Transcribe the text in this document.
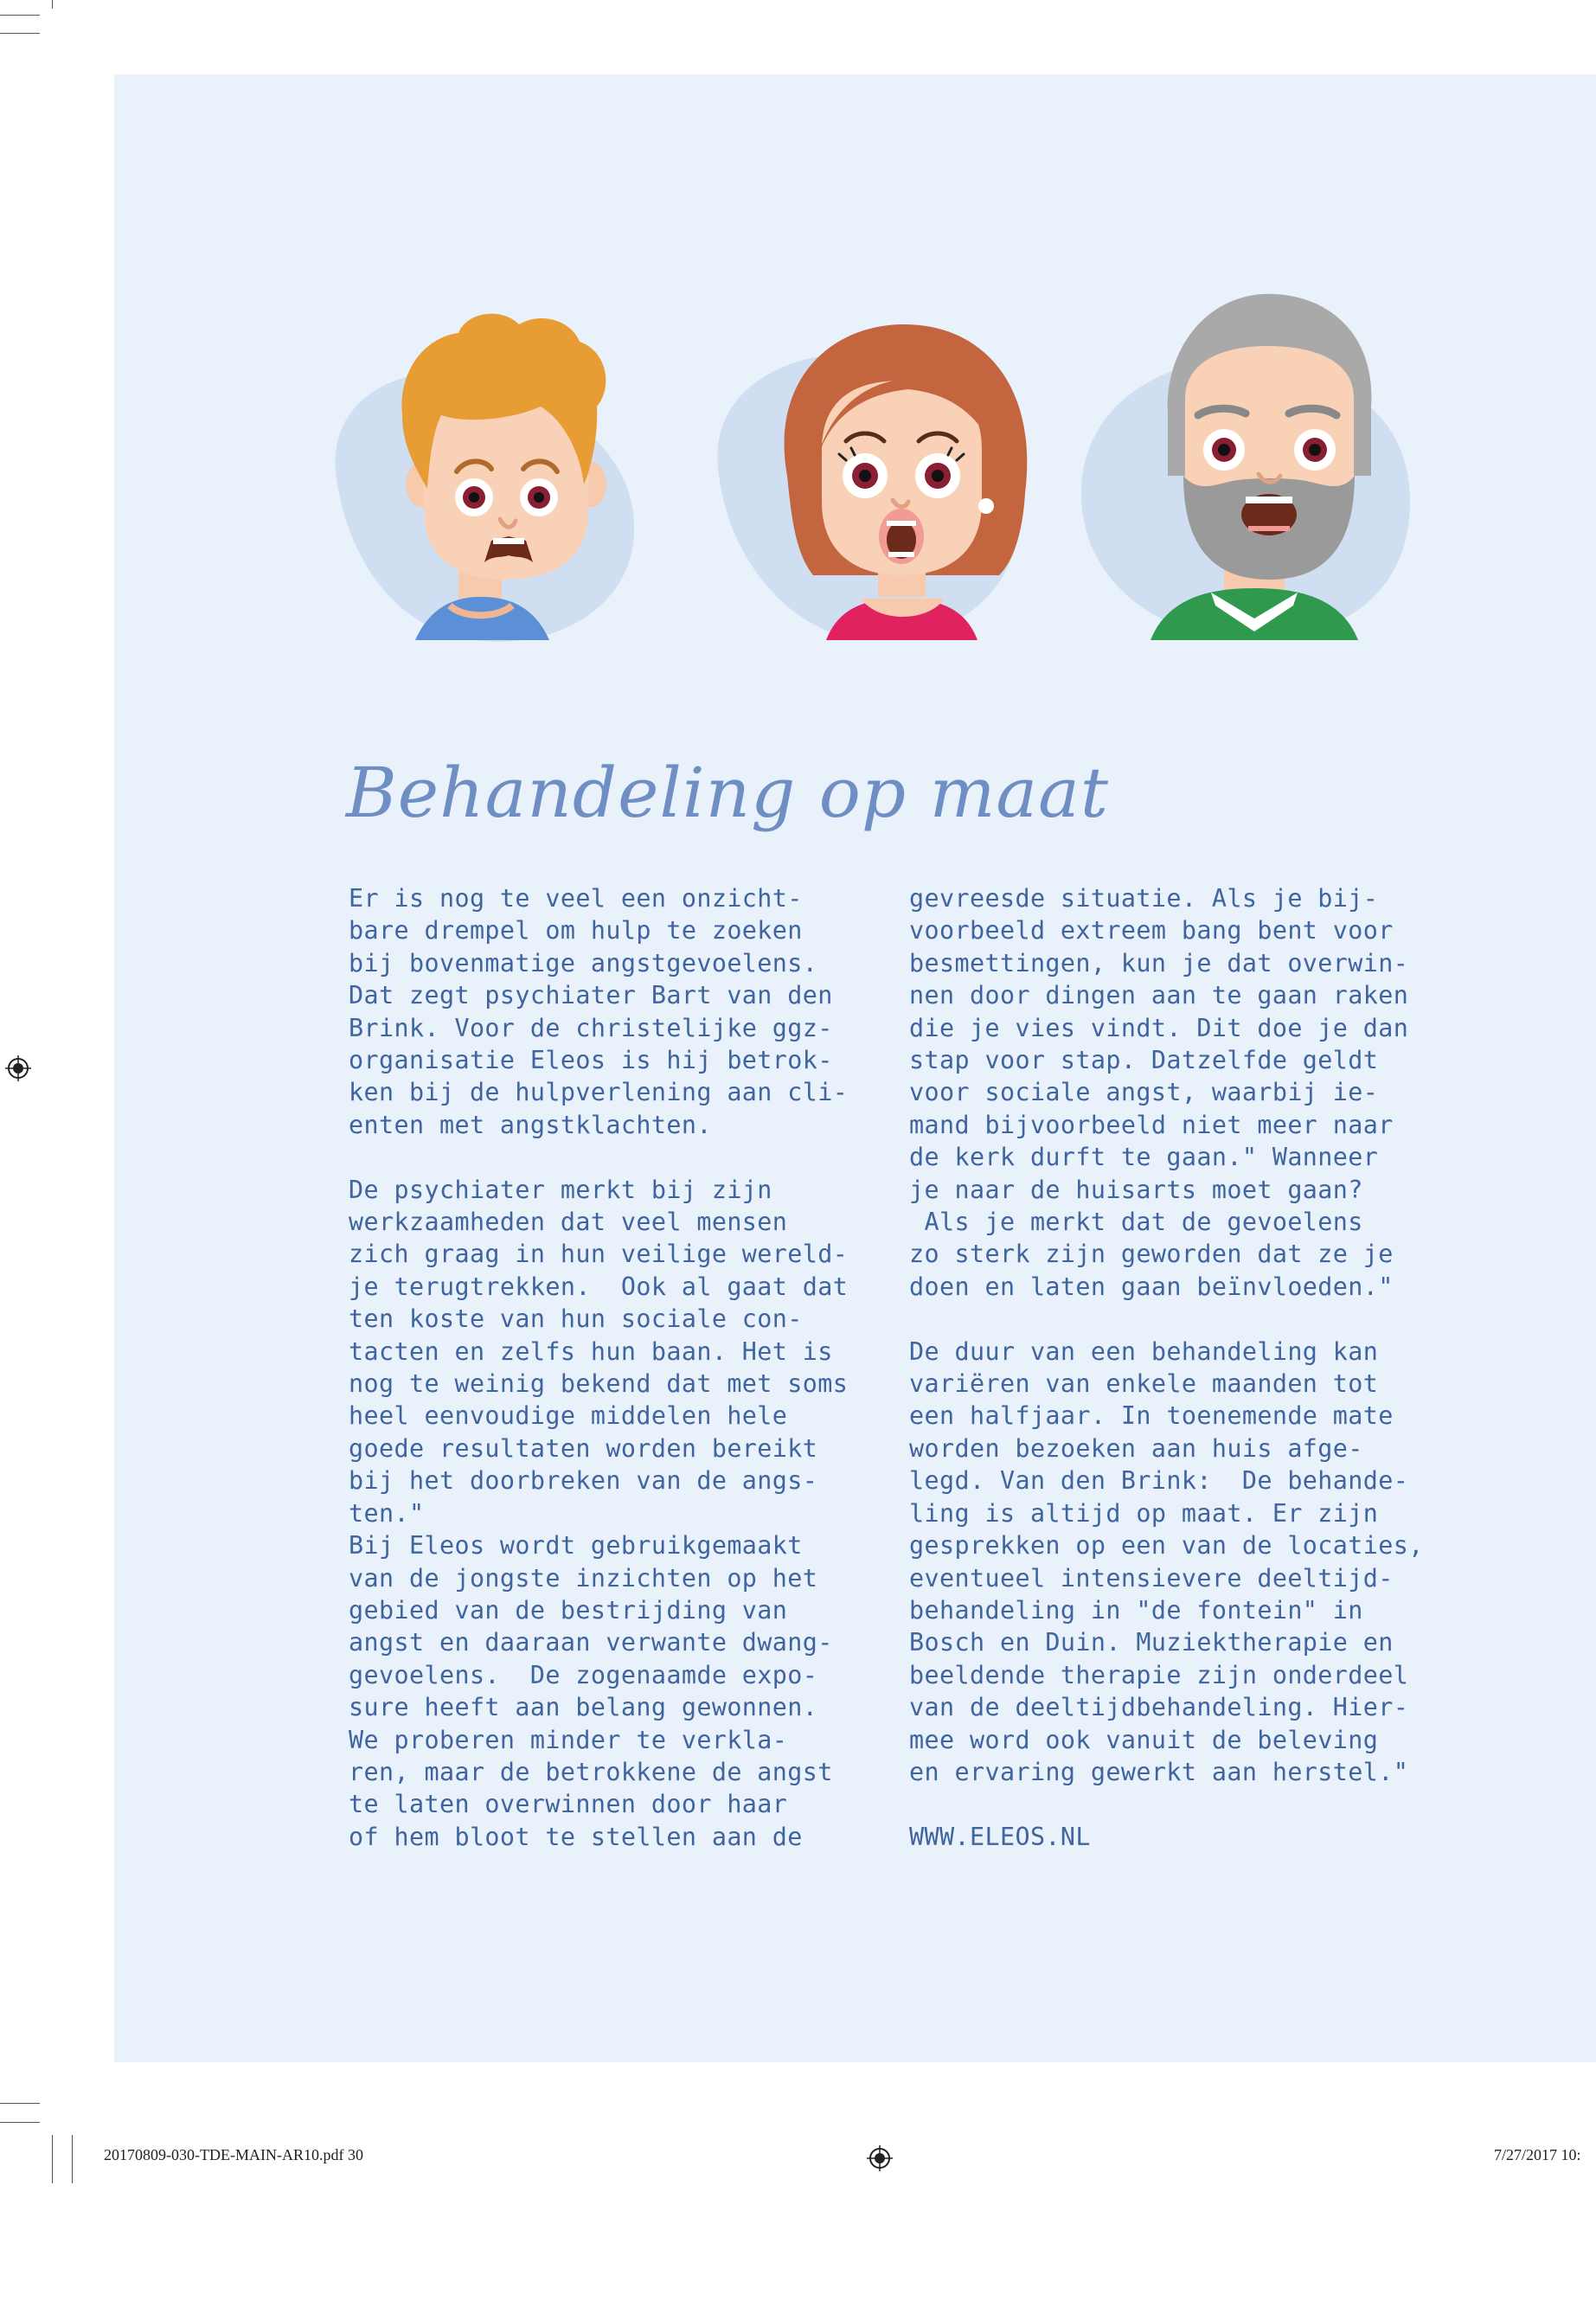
Behandeling op maat
Er is nog te veel een onzicht-
bare drempel om hulp te zoeken
bij bovenmatige angstgevoelens.
Dat zegt psychiater Bart van den
Brink. Voor de christelijke ggz-
organisatie Eleos is hij betrok-
ken bij de hulpverlening aan cli-
enten met angstklachten.
De psychiater merkt bij zijn
werkzaamheden dat veel mensen
zich graag in hun veilige wereld-
je terugtrekken.  Ook al gaat dat
ten koste van hun sociale con-
tacten en zelfs hun baan. Het is
nog te weinig bekend dat met soms
heel eenvoudige middelen hele
goede resultaten worden bereikt
bij het doorbreken van de angs-
ten."
Bij Eleos wordt gebruikgemaakt
van de jongste inzichten op het
gebied van de bestrijding van
angst en daaraan verwante dwang-
gevoelens.  De zogenaamde expo-
sure heeft aan belang gewonnen.
We proberen minder te verkla-
ren, maar de betrokkene de angst
te laten overwinnen door haar
of hem bloot te stellen aan de
gevreesde situatie. Als je bij-
voorbeeld extreem bang bent voor
besmettingen, kun je dat overwin-
nen door dingen aan te gaan raken
die je vies vindt. Dit doe je dan
stap voor stap. Datzelfde geldt
voor sociale angst, waarbij ie-
mand bijvoorbeeld niet meer naar
de kerk durft te gaan." Wanneer
je naar de huisarts moet gaan?
Als je merkt dat de gevoelens
zo sterk zijn geworden dat ze je
doen en laten gaan beïnvloeden."
De duur van een behandeling kan
variëren van enkele maanden tot
een halfjaar. In toenemende mate
worden bezoeken aan huis afge-
legd. Van den Brink:  De behande-
ling is altijd op maat. Er zijn
gesprekken op een van de locaties,
eventueel intensievere deeltijd-
behandeling in "de fontein" in
Bosch en Duin. Muziektherapie en
beeldende therapie zijn onderdeel
van de deeltijdbehandeling. Hier-
mee word ook vanuit de beleving
en ervaring gewerkt aan herstel."
WWW.ELEOS.NL
20170809-030-TDE-MAIN-AR10.pdf 30	7/27/2017 10:
